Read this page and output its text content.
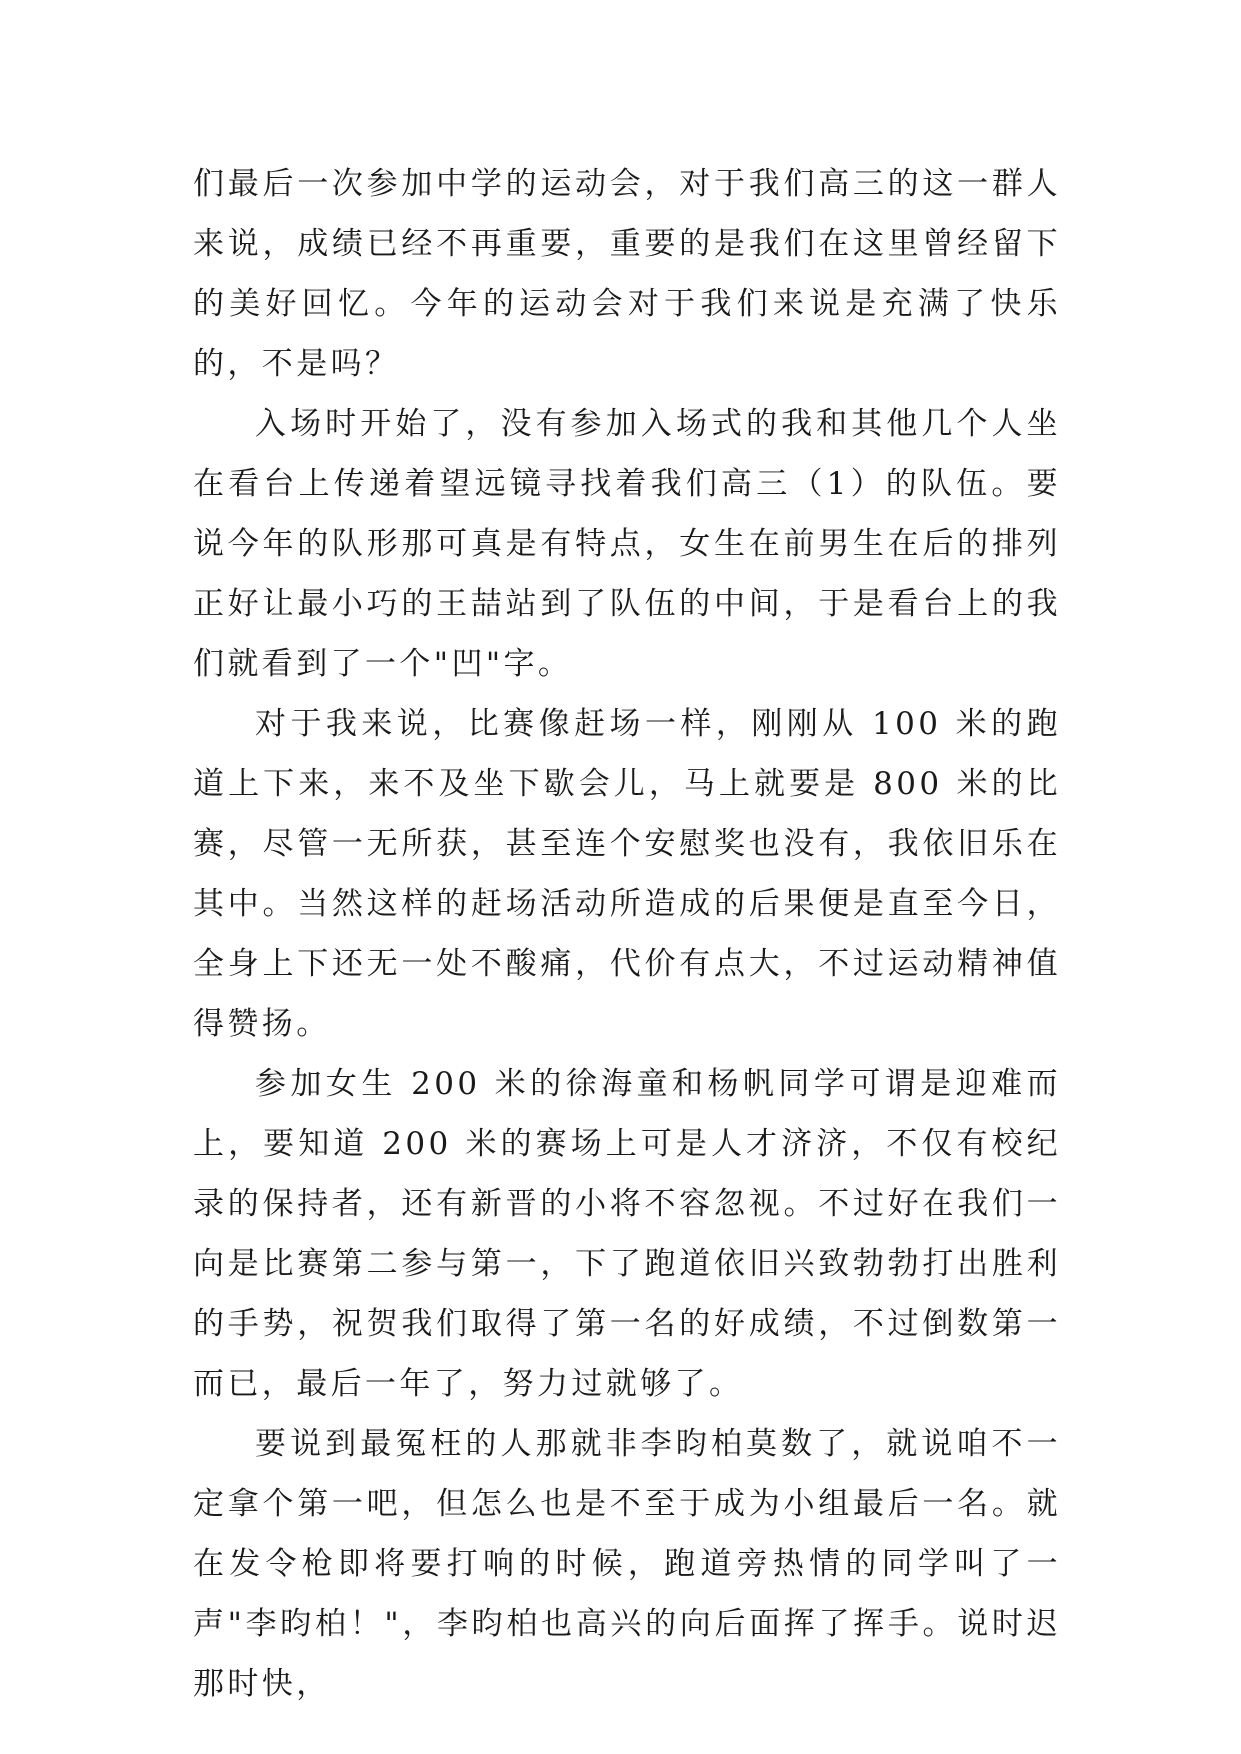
们最后一次参加中学的运动会，对于我们高三的这一群人来说，成绩已经不再重要，重要的是我们在这里曾经留下的美好回忆。今年的运动会对于我们来说是充满了快乐的，不是吗？

入场时开始了，没有参加入场式的我和其他几个人坐在看台上传递着望远镜寻找着我们高三（1）的队伍。要说今年的队形那可真是有特点，女生在前男生在后的排列正好让最小巧的王喆站到了队伍的中间，于是看台上的我们就看到了一个"凹"字。

对于我来说，比赛像赶场一样，刚刚从 100 米的跑道上下来，来不及坐下歇会儿，马上就要是 800 米的比赛，尽管一无所获，甚至连个安慰奖也没有，我依旧乐在其中。当然这样的赶场活动所造成的后果便是直至今日，全身上下还无一处不酸痛，代价有点大，不过运动精神值得赞扬。

参加女生 200 米的徐海童和杨帆同学可谓是迎难而上，要知道 200 米的赛场上可是人才济济，不仅有校纪录的保持者，还有新晋的小将不容忽视。不过好在我们一向是比赛第二参与第一，下了跑道依旧兴致勃勃打出胜利的手势，祝贺我们取得了第一名的好成绩，不过倒数第一而已，最后一年了，努力过就够了。

要说到最冤枉的人那就非李昀柏莫数了，就说咱不一定拿个第一吧，但怎么也是不至于成为小组最后一名。就在发令枪即将要打响的时候，跑道旁热情的同学叫了一声"李昀柏！"，李昀柏也高兴的向后面挥了挥手。说时迟那时快，
